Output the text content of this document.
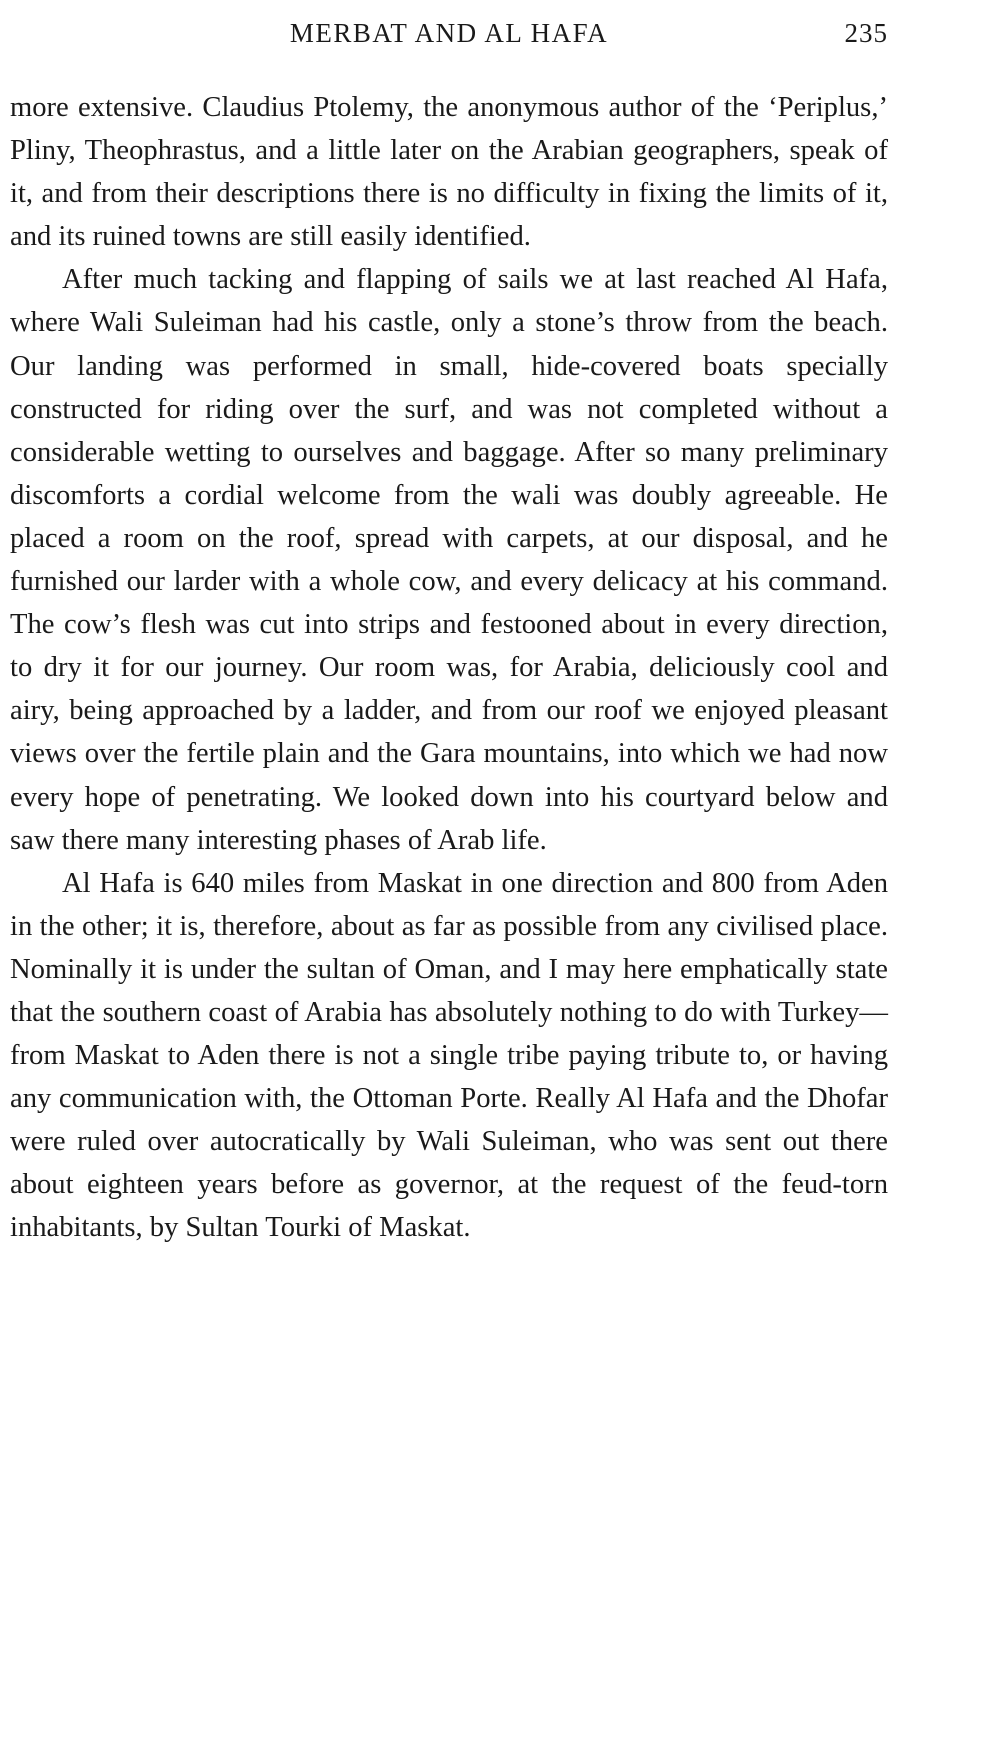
MERBAT AND AL HAFA	235

more extensive. Claudius Ptolemy, the anonymous author of the ‘Periplus,’ Pliny, Theophrastus, and a little later on the Arabian geographers, speak of it, and from their descriptions there is no difficulty in fixing the limits of it, and its ruined towns are still easily identified.

After much tacking and flapping of sails we at last reached Al Hafa, where Wali Suleiman had his castle, only a stone’s throw from the beach. Our landing was performed in small, hide-covered boats specially constructed for riding over the surf, and was not completed without a considerable wetting to ourselves and baggage. After so many preliminary discomforts a cordial welcome from the wali was doubly agreeable. He placed a room on the roof, spread with carpets, at our disposal, and he furnished our larder with a whole cow, and every delicacy at his command. The cow’s flesh was cut into strips and festooned about in every direction, to dry it for our journey. Our room was, for Arabia, deliciously cool and airy, being approached by a ladder, and from our roof we enjoyed pleasant views over the fertile plain and the Gara mountains, into which we had now every hope of penetrating. We looked down into his courtyard below and saw there many interesting phases of Arab life.

Al Hafa is 640 miles from Maskat in one direction and 800 from Aden in the other; it is, therefore, about as far as possible from any civilised place. Nominally it is under the sultan of Oman, and I may here emphatically state that the southern coast of Arabia has absolutely nothing to do with Turkey—from Maskat to Aden there is not a single tribe paying tribute to, or having any communication with, the Ottoman Porte. Really Al Hafa and the Dhofar were ruled over autocratically by Wali Suleiman, who was sent out there about eighteen years before as governor, at the request of the feud-torn inhabitants, by Sultan Tourki of Maskat.
